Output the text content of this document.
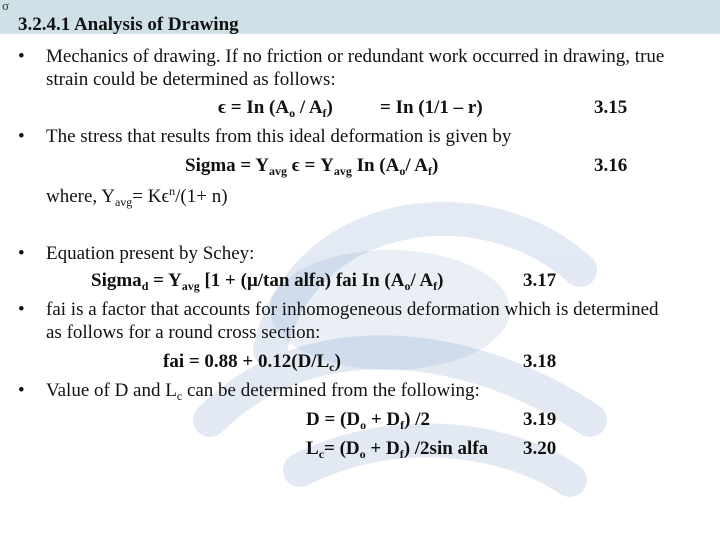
σ
3.2.4.1 Analysis of Drawing
• Mechanics of drawing. If no friction or redundant work occurred in drawing, true
strain could be determined as follows:
ϵ = In $(A_o / A_f) = In$ (1/1 – r)	3.15
• The stress that results from this ideal deformation is given by
Sigma = $Y_{avg}$ $\epsilon = Y_{avg}$ In ($A_o/$ $A_f$)	3.16
where, $Y_{avg}= K\epsilon^n/(1+ n)$
• Equation present by Schey:
Sigma$_d$ = $Y_{avg}$ [1 + (μ/tan alfa) fai In ($A_o/$ $A_f$)	3.17
• fai is a factor that accounts for inhomogeneous deformation which is determined
as follows for a round cross section:
fai = $0.88 + 0.12(D/L_c)$	3.18
• Value of D and $L_c$ can be determined from the following:
$D = (D_o + D_f)$ /2	3.19
$L_c= (D_o + D_f)$ /2sin alfa 3.20
